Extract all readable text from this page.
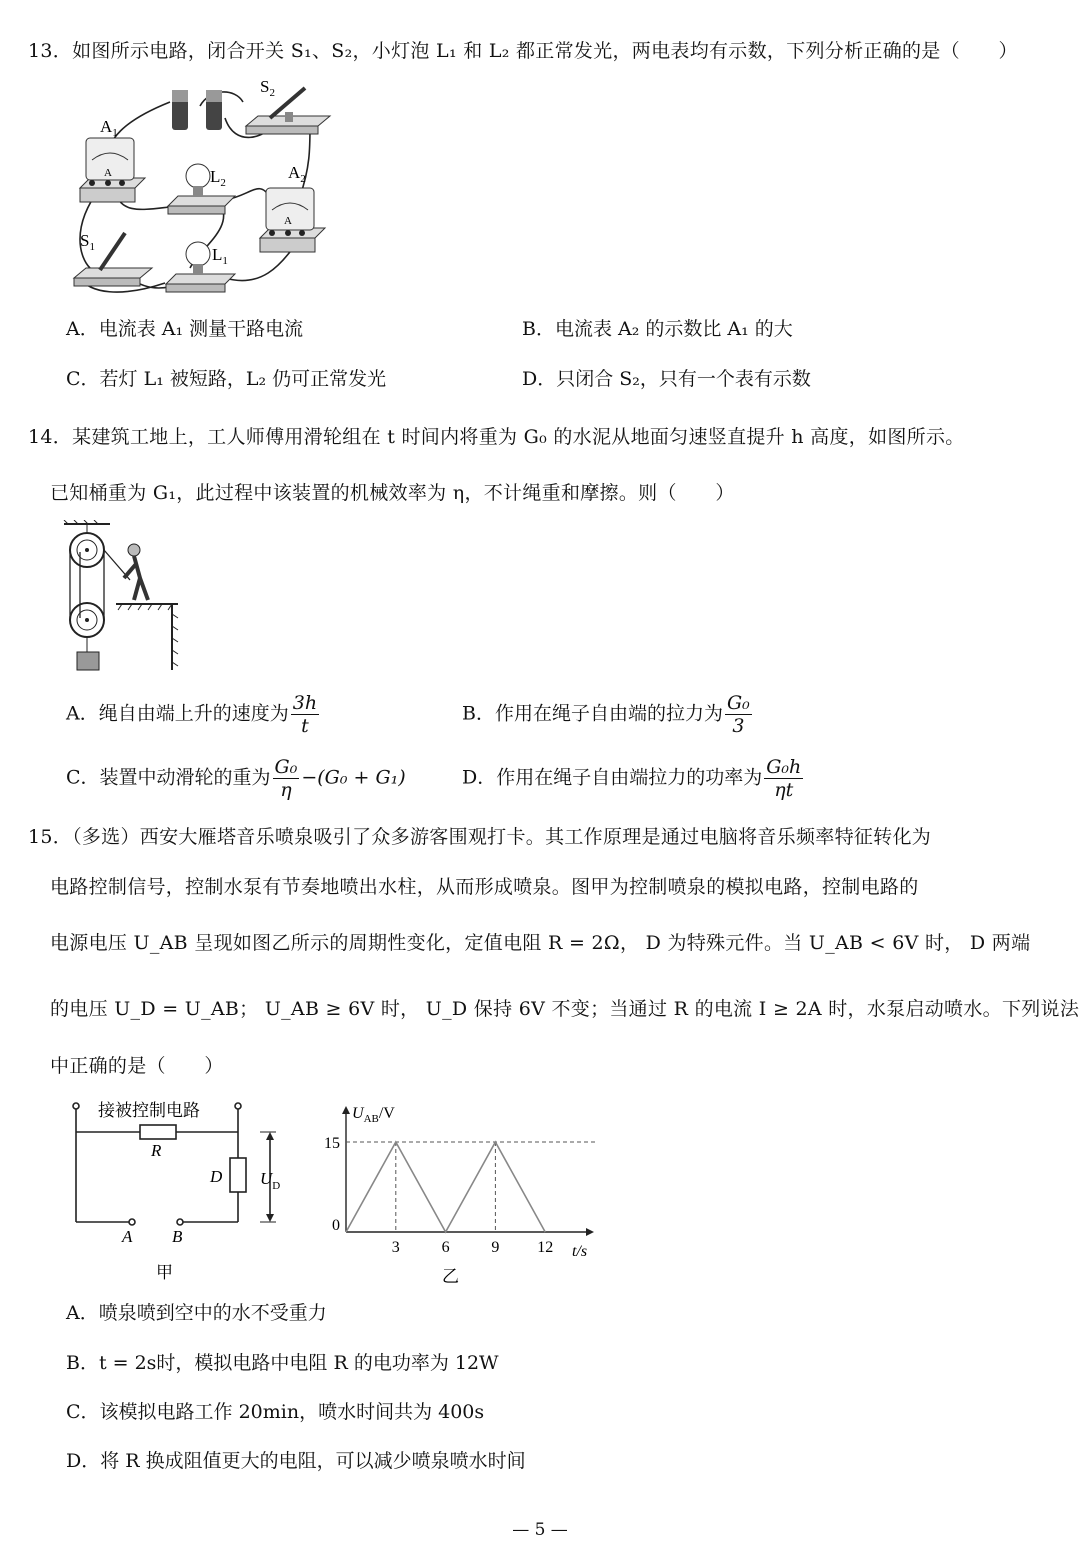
13．如图所示电路，闭合开关 S₁、S₂，小灯泡 L₁ 和 L₂ 都正常发光，两电表均有示数，下列分析正确的是（　　）
$S_2$
A
$A_1$
$L_2$
A
$A_2$
$S_1$	$L_1$
A．电流表 A₁ 测量干路电流	B．电流表 A₂ 的示数比 A₁ 的大
C．若灯 L₁ 被短路，L₂ 仍可正常发光	D．只闭合 S₂，只有一个表有示数
14．某建筑工地上，工人师傅用滑轮组在 t 时间内将重为 G₀ 的水泥从地面匀速竖直提升 h 高度，如图所示。
已知桶重为 G₁，此过程中该装置的机械效率为 η，不计绳重和摩擦。则（　　）
A．绳自由端上升的速度为 $\frac{3h}{t}$	B．作用在绳子自由端的拉力为 $\frac{\text{G₀}}{3}$
C．装置中动滑轮的重为 $\frac{\text{G₀}}{\eta} -(G_0 + G_1)$	D．作用在绳子自由端拉力的功率为 $\frac{\text{G₀h}}{\eta t}$
15．（多选）西安大雁塔音乐喷泉吸引了众多游客围观打卡。其工作原理是通过电脑将音乐频率特征转化为
电路控制信号，控制水泵有节奏地喷出水柱，从而形成喷泉。图甲为控制喷泉的模拟电路，控制电路的
电源电压 U_AB 呈现如图乙所示的周期性变化，定值电阻 R = 2Ω， D 为特殊元件。当 U_AB < 6V 时， D 两端
的电压 U_D = U_AB； U_AB ≥ 6V 时， U_D 保持 6V 不变；当通过 R 的电流 I ≥ 2A 时，水泵启动喷水。下列说法
中正确的是（　　）
接被控制电路
R
D $U_D$
A B
甲
3	6	9 12
0
15
$U_{AB}/V$
t/s
乙
A．喷泉喷到空中的水不受重力
B．t = 2s时，模拟电路中电阻 R 的电功率为 12W
C．该模拟电路工作 20min，喷水时间共为 400s
D．将 R 换成阻值更大的电阻，可以减少喷泉喷水时间
— 5 —
